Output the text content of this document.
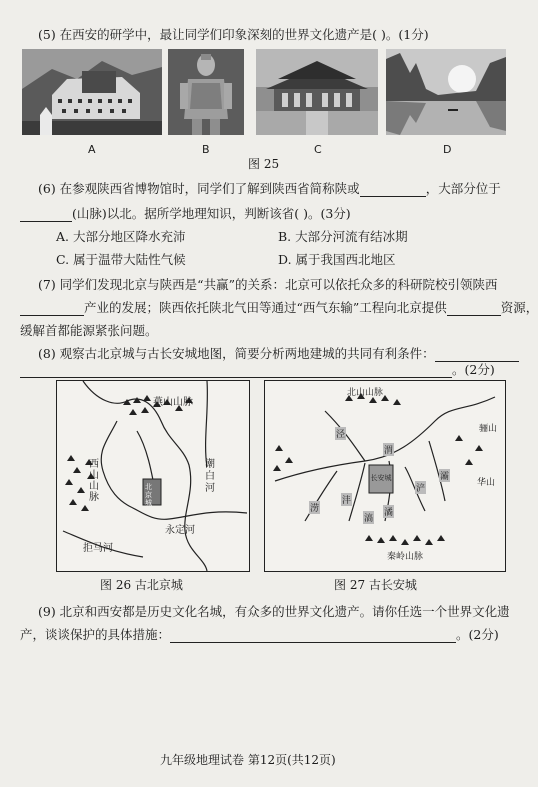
(5) 在西安的研学中，最让同学们印象深刻的世界文化遗产是( )。(1分)
A	B	C	D
图 25
(6) 在参观陕西省博物馆时，同学们了解到陕西省简称陕或	，大部分位于
(山脉)以北。据所学地理知识，判断该省( )。(3分)
A. 大部分地区降水充沛	B. 大部分河流有结冰期
C. 属于温带大陆性气候	D. 属于我国西北地区
(7) 同学们发现北京与陕西是“共赢”的关系：北京可以依托众多的科研院校引领陕西
产业的发展；陕西依托陕北气田等通过“西气东输”工程向北京提供	资源，
缓解首都能源紧张问题。
(8) 观察古北京城与古长安城地图，简要分析两地建城的共同有利条件：
。(2分)
燕山山脉
西山山脉
潮白河
拒马河
永定河
北京城
北山山脉
骊山
华山
秦岭山脉
长安城
泾
渭
浐
灞
沣
潏
涝
滈
图 26 古北京城	图 27 古长安城
(9) 北京和西安都是历史文化名城，有众多的世界文化遗产。请你任选一个世界文化遗
产，谈谈保护的具体措施：	。(2分)
九年级地理试卷 第12页(共12页)
